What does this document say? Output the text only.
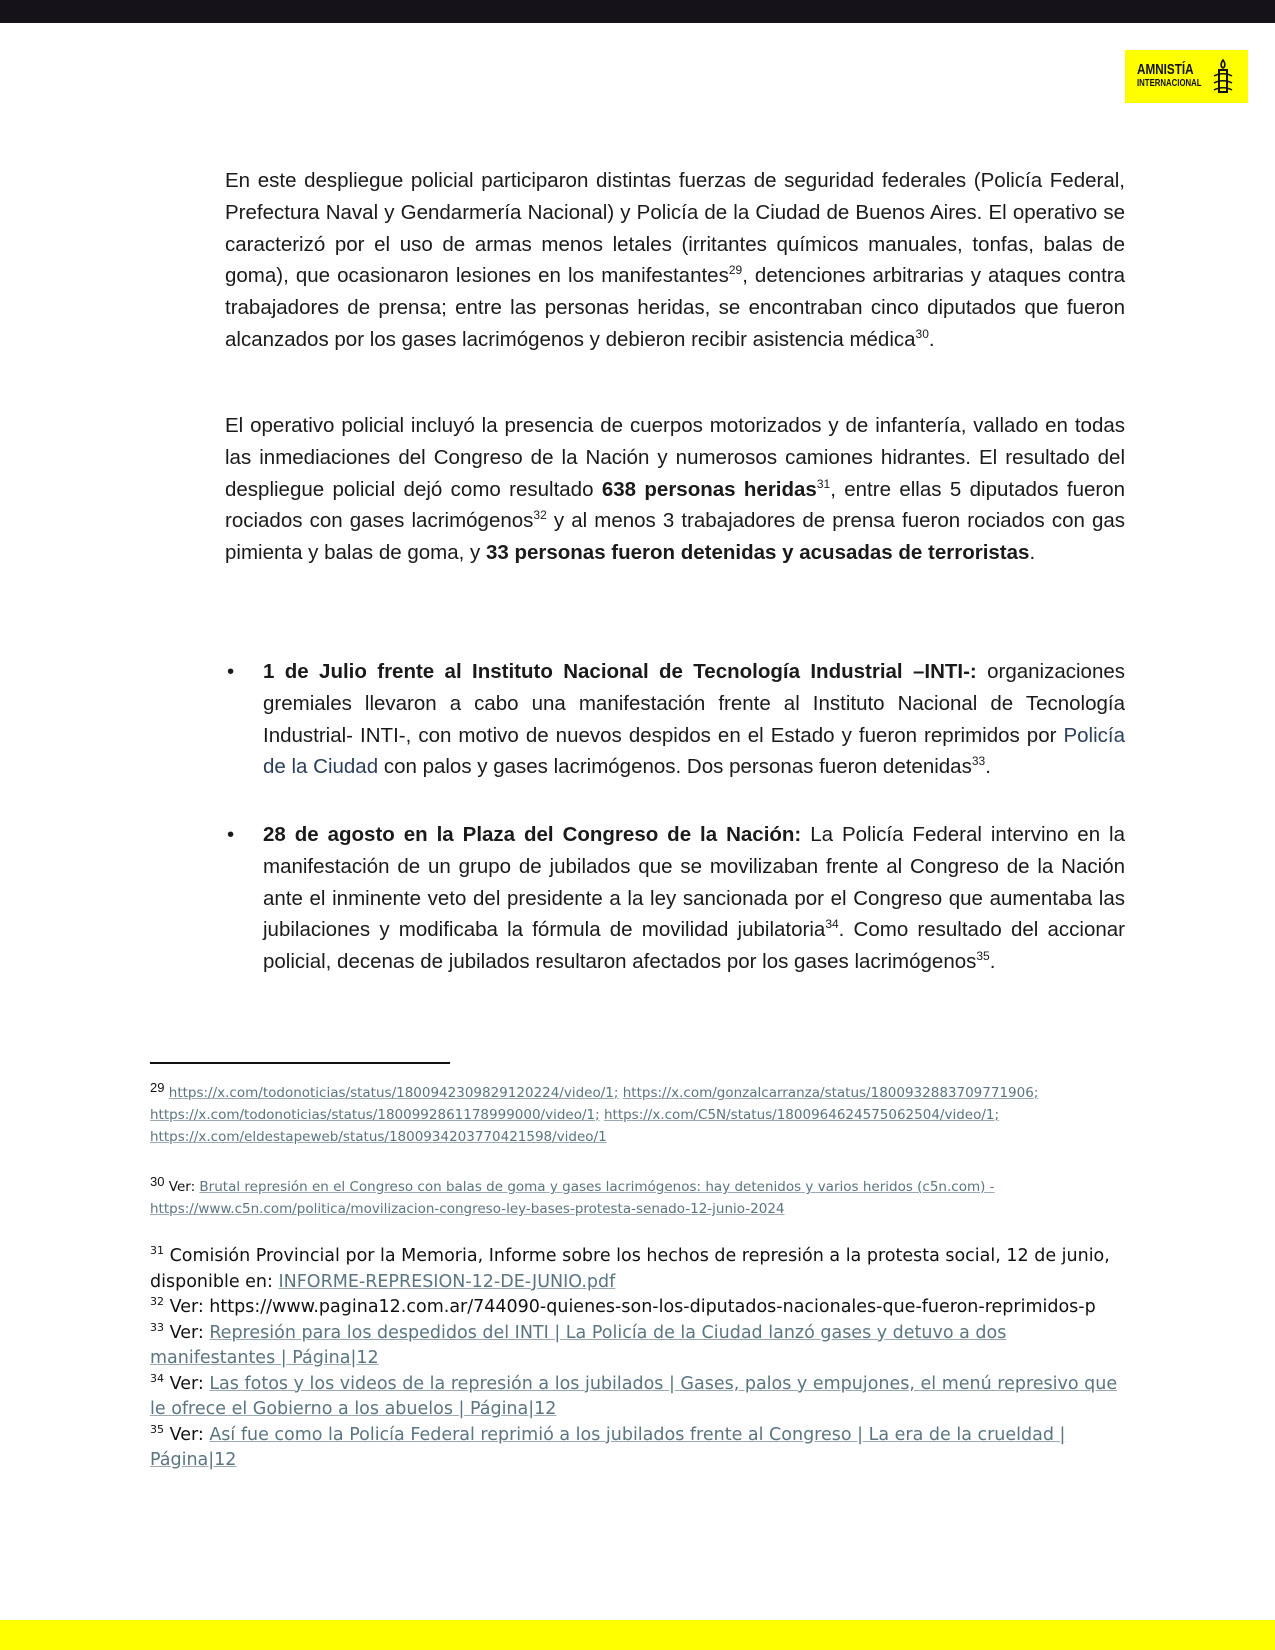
AMNISTÍA
INTERNACIONAL
En este despliegue policial participaron distintas fuerzas de seguridad federales (Policía Federal, Prefectura Naval y Gendarmería Nacional) y Policía de la Ciudad de Buenos Aires. El operativo se caracterizó por el uso de armas menos letales (irritantes químicos manuales, tonfas, balas de goma), que ocasionaron lesiones en los manifestantes$^{29}$, detenciones arbitrarias y ataques contra trabajadores de prensa; entre las personas heridas, se encontraban cinco diputados que fueron alcanzados por los gases lacrimógenos y debieron recibir asistencia médica$^{30}$.
El operativo policial incluyó la presencia de cuerpos motorizados y de infantería, vallado en todas las inmediaciones del Congreso de la Nación y numerosos camiones hidrantes. El resultado del despliegue policial dejó como resultado 638 personas heridas$^{31}$, entre ellas 5 diputados fueron rociados con gases lacrimógenos$^{32}$ y al menos 3 trabajadores de prensa fueron rociados con gas pimienta y balas de goma, y 33 personas fueron detenidas y acusadas de terroristas.
• 1 de Julio frente al Instituto Nacional de Tecnología Industrial –INTI-: organizaciones gremiales llevaron a cabo una manifestación frente al Instituto Nacional de Tecnología Industrial- INTI-, con motivo de nuevos despidos en el Estado y fueron reprimidos por Policía de la Ciudad con palos y gases lacrimógenos. Dos personas fueron detenidas$^{33}$.
• 28 de agosto en la Plaza del Congreso de la Nación: La Policía Federal intervino en la manifestación de un grupo de jubilados que se movilizaban frente al Congreso de la Nación ante el inminente veto del presidente a la ley sancionada por el Congreso que aumentaba las jubilaciones y modificaba la fórmula de movilidad jubilatoria$^{34}$. Como resultado del accionar policial, decenas de jubilados resultaron afectados por los gases lacrimógenos$^{35}$.
29 https://x.com/todonoticias/status/1800942309829120224/video/1; https://x.com/gonzalcarranza/status/1800932883709771906;
https://x.com/todonoticias/status/1800992861178999000/video/1; https://x.com/C5N/status/1800964624575062504/video/1;
https://x.com/eldestapeweb/status/1800934203770421598/video/1
30 Ver: Brutal represión en el Congreso con balas de goma y gases lacrimógenos: hay detenidos y varios heridos (c5n.com) -
https://www.c5n.com/politica/movilizacion-congreso-ley-bases-protesta-senado-12-junio-2024
$^{31}$ Comisión Provincial por la Memoria, Informe sobre los hechos de represión a la protesta social, 12 de junio, disponible en: INFORME-REPRESION-12-DE-JUNIO.pdf
$^{32}$ Ver: https://www.pagina12.com.ar/744090-quienes-son-los-diputados-nacionales-que-fueron-reprimidos-p
$^{33}$ Ver: Represión para los despedidos del INTI | La Policía de la Ciudad lanzó gases y detuvo a dos manifestantes | Página|12
$^{34}$ Ver: Las fotos y los videos de la represión a los jubilados | Gases, palos y empujones, el menú represivo que le ofrece el Gobierno a los abuelos | Página|12
$^{35}$ Ver: Así fue como la Policía Federal reprimió a los jubilados frente al Congreso | La era de la crueldad | Página|12
